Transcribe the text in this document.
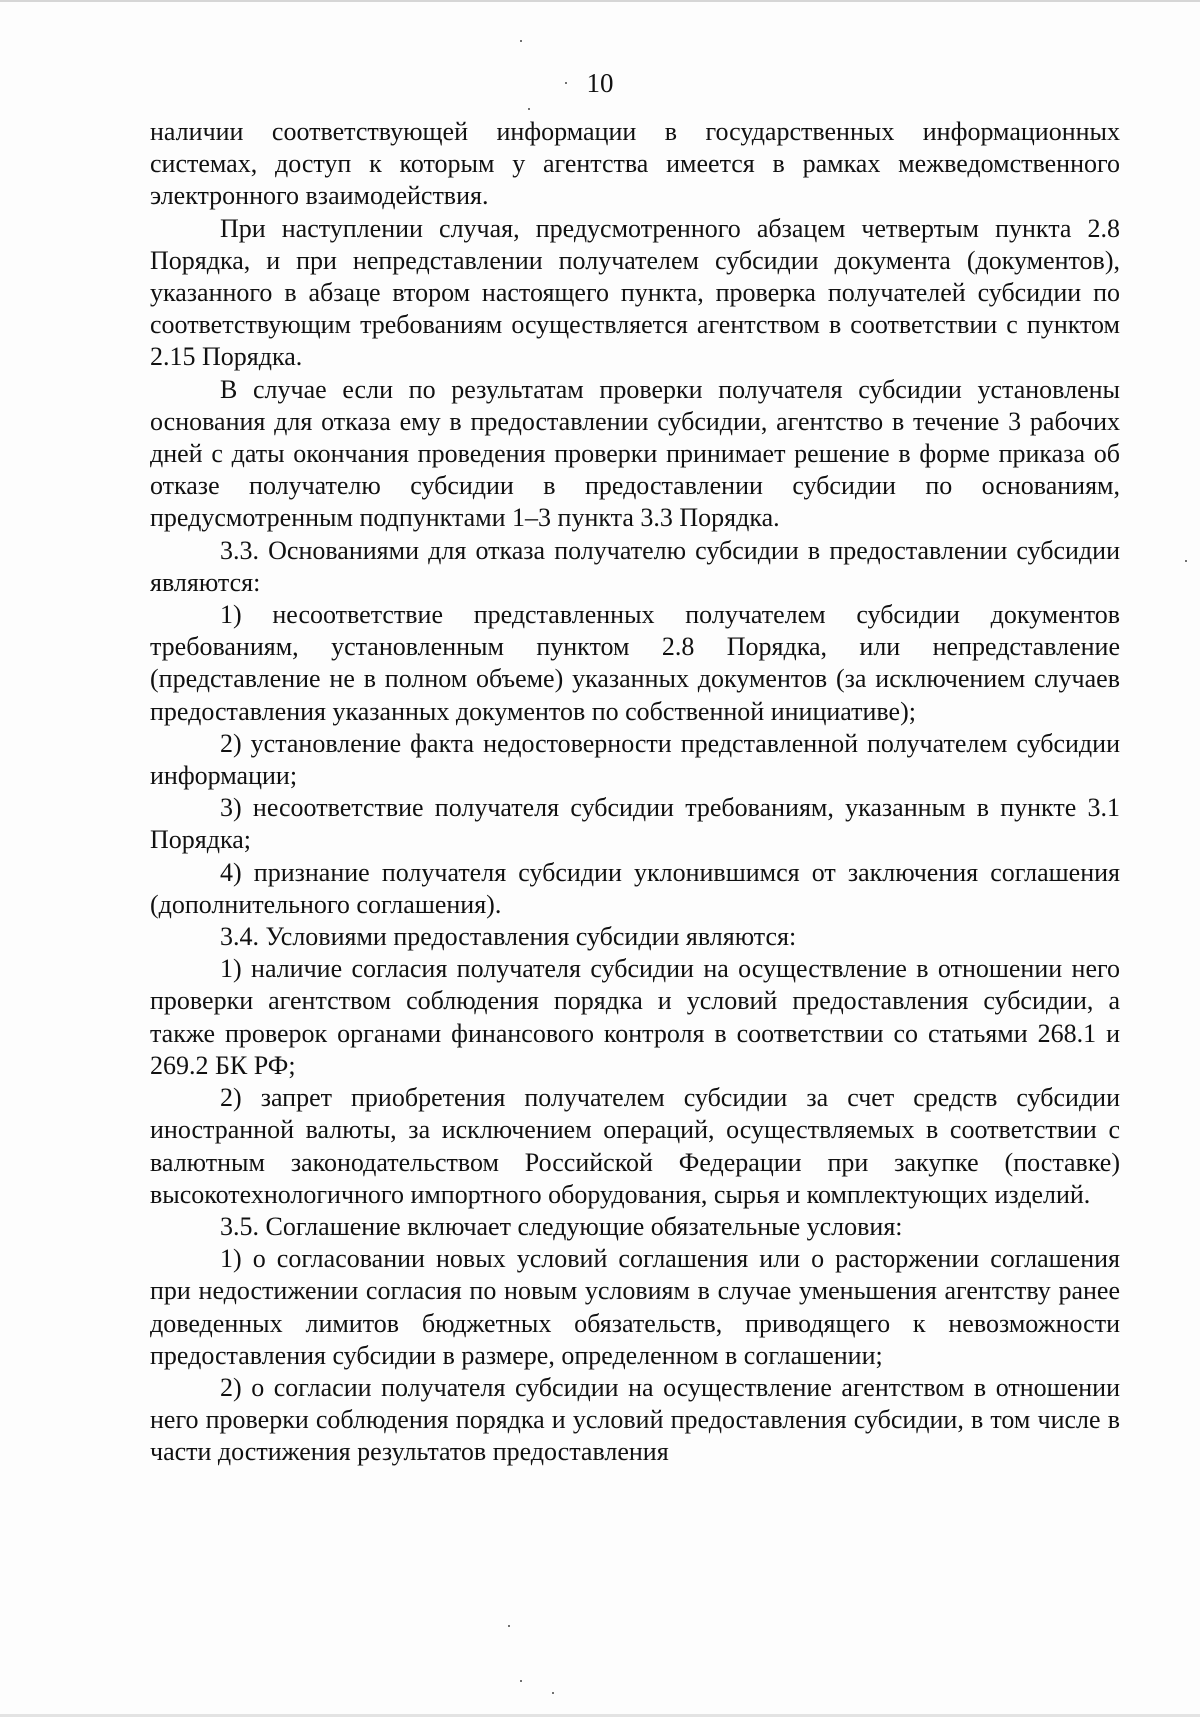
10

наличии соответствующей информации в государственных информационных системах, доступ к которым у агентства имеется в рамках межведомственного электронного взаимодействия.

При наступлении случая, предусмотренного абзацем четвертым пункта 2.8 Порядка, и при непредставлении получателем субсидии документа (документов), указанного в абзаце втором настоящего пункта, проверка получателей субсидии по соответствующим требованиям осуществляется агентством в соответствии с пунктом 2.15 Порядка.

В случае если по результатам проверки получателя субсидии установлены основания для отказа ему в предоставлении субсидии, агентство в течение 3 рабочих дней с даты окончания проведения проверки принимает решение в форме приказа об отказе получателю субсидии в предоставлении субсидии по основаниям, предусмотренным подпунктами 1–3 пункта 3.3 Порядка.

3.3. Основаниями для отказа получателю субсидии в предоставлении субсидии являются:

1) несоответствие представленных получателем субсидии документов требованиям, установленным пунктом 2.8 Порядка, или непредставление (представление не в полном объеме) указанных документов (за исключением случаев предоставления указанных документов по собственной инициативе);

2) установление факта недостоверности представленной получателем субсидии информации;

3) несоответствие получателя субсидии требованиям, указанным в пункте 3.1 Порядка;

4) признание получателя субсидии уклонившимся от заключения соглашения (дополнительного соглашения).

3.4. Условиями предоставления субсидии являются:

1) наличие согласия получателя субсидии на осуществление в отношении него проверки агентством соблюдения порядка и условий предоставления субсидии, а также проверок органами финансового контроля в соответствии со статьями 268.1 и 269.2 БК РФ;

2) запрет приобретения получателем субсидии за счет средств субсидии иностранной валюты, за исключением операций, осуществляемых в соответствии с валютным законодательством Российской Федерации при закупке (поставке) высокотехнологичного импортного оборудования, сырья и комплектующих изделий.

3.5. Соглашение включает следующие обязательные условия:

1) о согласовании новых условий соглашения или о расторжении соглашения при недостижении согласия по новым условиям в случае уменьшения агентству ранее доведенных лимитов бюджетных обязательств, приводящего к невозможности предоставления субсидии в размере, определенном в соглашении;

2) о согласии получателя субсидии на осуществление агентством в отношении него проверки соблюдения порядка и условий предоставления субсидии, в том числе в части достижения результатов предоставления
